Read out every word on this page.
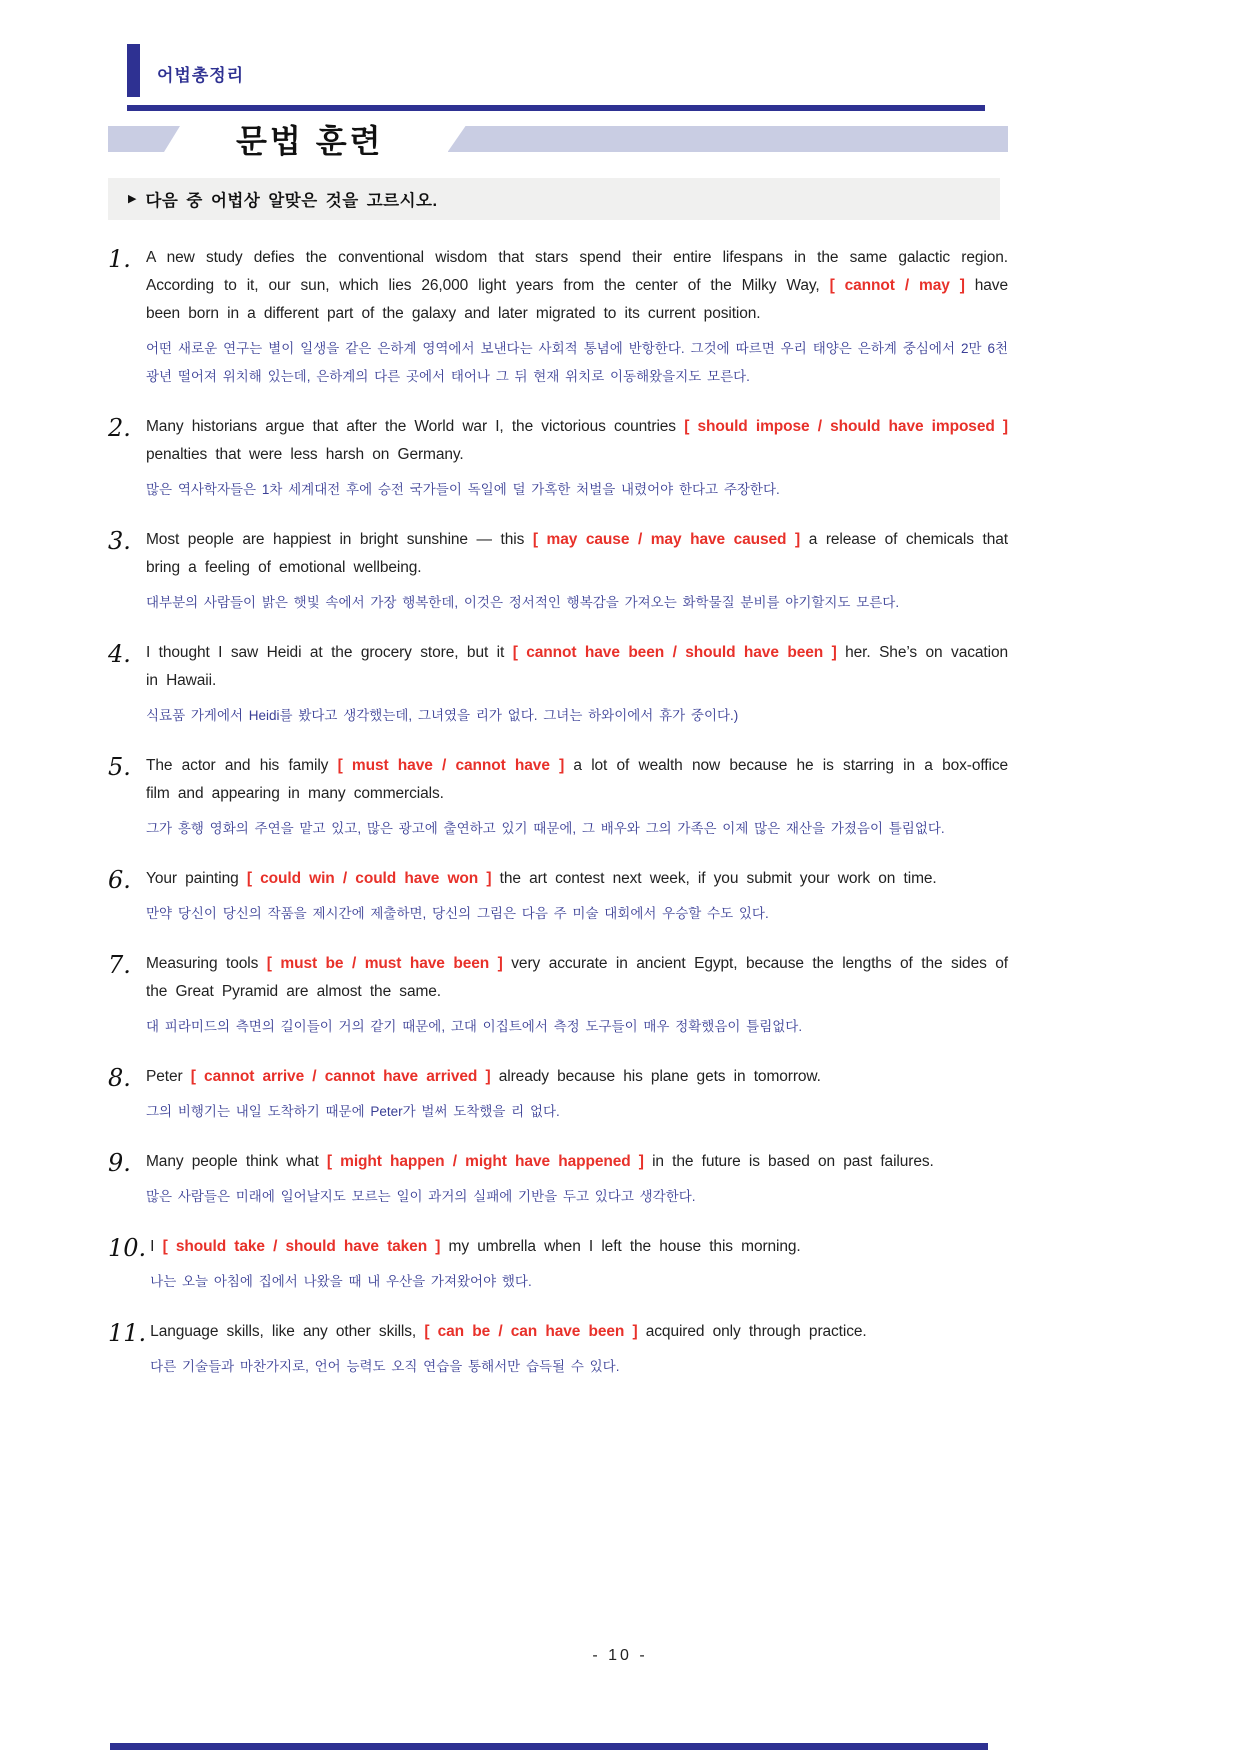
어법총정리
문법 훈련
▶ 다음 중 어법상 알맞은 것을 고르시오.
1. A new study defies the conventional wisdom that stars spend their entire lifespans in the same galactic region. According to it, our sun, which lies 26,000 light years from the center of the Milky Way, [ cannot / may ] have been born in a different part of the galaxy and later migrated to its current position.

어떤 새로운 연구는 별이 일생을 같은 은하계 영역에서 보낸다는 사회적 통념에 반항한다. 그것에 따르면 우리 태양은 은하계 중심에서 2만 6천 광년 떨어져 위치해 있는데, 은하계의 다른 곳에서 태어나 그 뒤 현재 위치로 이동해왔을지도 모른다.

2. Many historians argue that after the World war I, the victorious countries [ should impose / should have imposed ] penalties that were less harsh on Germany.

많은 역사학자들은 1차 세계대전 후에 승전 국가들이 독일에 덜 가혹한 처벌을 내렸어야 한다고 주장한다.

3. Most people are happiest in bright sunshine — this [ may cause / may have caused ] a release of chemicals that bring a feeling of emotional wellbeing.

대부분의 사람들이 밝은 햇빛 속에서 가장 행복한데, 이것은 정서적인 행복감을 가져오는 화학물질 분비를 야기할지도 모른다.

4. I thought I saw Heidi at the grocery store, but it [ cannot have been / should have been ] her. She’s on vacation in Hawaii.

식료품 가게에서 Heidi를 봤다고 생각했는데, 그녀였을 리가 없다. 그녀는 하와이에서 휴가 중이다.)

5. The actor and his family [ must have / cannot have ] a lot of wealth now because he is starring in a box-office film and appearing in many commercials.

그가 흥행 영화의 주연을 맡고 있고, 많은 광고에 출연하고 있기 때문에, 그 배우와 그의 가족은 이제 많은 재산을 가졌음이 틀림없다.

6. Your painting [ could win / could have won ] the art contest next week, if you submit your work on time.

만약 당신이 당신의 작품을 제시간에 제출하면, 당신의 그림은 다음 주 미술 대회에서 우승할 수도 있다.

7. Measuring tools [ must be / must have been ] very accurate in ancient Egypt, because the lengths of the sides of the Great Pyramid are almost the same.

대 피라미드의 측면의 길이들이 거의 같기 때문에, 고대 이집트에서 측정 도구들이 매우 정확했음이 틀림없다.

8. Peter [ cannot arrive / cannot have arrived ] already because his plane gets in tomorrow.

그의 비행기는 내일 도착하기 때문에 Peter가 벌써 도착했을 리 없다.

9. Many people think what [ might happen / might have happened ] in the future is based on past failures.

많은 사람들은 미래에 일어날지도 모르는 일이 과거의 실패에 기반을 두고 있다고 생각한다.

10. I [ should take / should have taken ] my umbrella when I left the house this morning.

나는 오늘 아침에 집에서 나왔을 때 내 우산을 가져왔어야 했다.

11. Language skills, like any other skills, [ can be / can have been ] acquired only through practice.

다른 기술들과 마찬가지로, 언어 능력도 오직 연습을 통해서만 습득될 수 있다.

- 10 -
